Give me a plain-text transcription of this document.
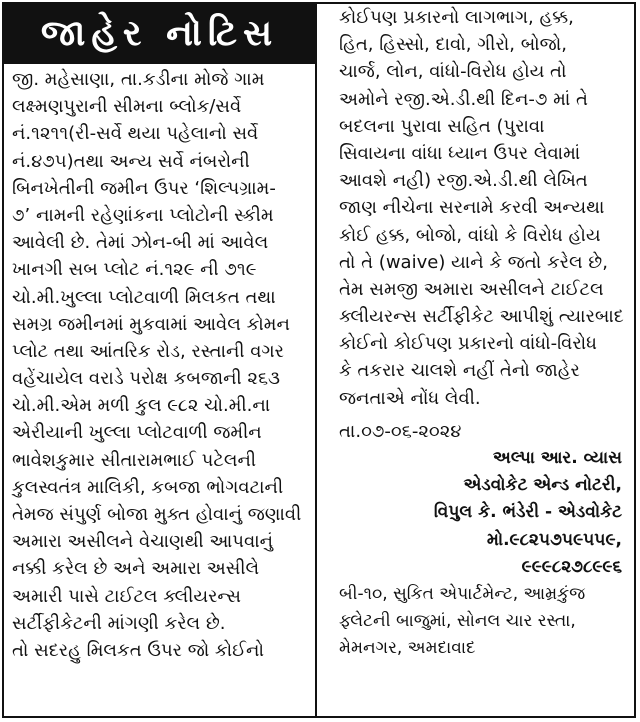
જાહેર નોટિસ
જી. મહેસાણા, તા.કડીના મોજે ગામ
લક્ષ્મણપુરાની સીમના બ્લોક/સર્વે
નં.૧૨૧૧(રી-સર્વે થયા પહેલાનો સર્વે
નં.૪૭૫)તથા અન્ય સર્વે નંબરોની
બિનખેતીની જમીન ઉપર ‘શિલ્પગ્રામ-
૭’ નામની રહેણાંકના પ્લોટોની સ્કીમ
આવેલી છે. તેમાં ઝોન-બી માં આવેલ
ખાનગી સબ પ્લોટ નં.૧૨૯ ની ૭૧૯
ચો.મી.ખુલ્લા પ્લોટવાળી મિલકત તથા
સમગ્ર જમીનમાં મુકવામાં આવેલ કોમન
પ્લોટ તથા આંતરિક રોડ, રસ્તાની વગર
વહેંચાયેલ વરાડે પરોક્ષ કબજાની ૨૬૩
ચો.મી.એમ મળી કુલ ૯૮૨ ચો.મી.ના
એરીયાની ખુલ્લા પ્લોટવાળી જમીન
ભાવેશકુમાર સીતારામભાઈ પટેલની
કુલસ્વતંત્ર માલિકી, કબજા ભોગવટાની
તેમજ સંપુર્ણ બોજા મુક્ત હોવાનું જણાવી
અમારા અસીલને વેચાણથી આપવાનું
નક્કી કરેલ છે અને અમારા અસીલે
અમારી પાસે ટાઈટલ ક્લીયરન્સ
સર્ટીફીકેટની માંગણી કરેલ છે.
તો સદરહુ મિલકત ઉપર જો કોઈનો
કોઈપણ પ્રકારનો લાગભાગ, હક્ક,
હિત, હિસ્સો, દાવો, ગીરો, બોજો,
ચાર્જ, લોન, વાંધો-વિરોધ હોય તો
અમોને રજી.એ.ડી.થી દિન-૭ માં તે
બદલના પુરાવા સહિત (પુરાવા
સિવાયના વાંધા ધ્યાન ઉપર લેવામાં
આવશે નહી) રજી.એ.ડી.થી લેખિત
જાણ નીચેના સરનામે કરવી અન્યથા
કોઈ હક્ક, બોજો, વાંધો કે વિરોધ હોય
તો તે (waive) યાને કે જતો કરેલ છે,
તેમ સમજી અમારા અસીલને ટાઈટલ
ક્લીયરન્સ સર્ટીફીકેટ આપીશું ત્યારબાદ
કોઈનો કોઈપણ પ્રકારનો વાંધો-વિરોધ
કે તકરાર ચાલશે નહીં તેનો જાહેર
જનતાએ નોંધ લેવી.
તા.૦૭-૦૬-૨૦૨૪
અલ્પા આર. વ્યાસ
એડવોકેટ એન્ડ નોટરી,
વિપુલ કે. ભંડેરી - એડવોકેટ
મો.૯૮૨૫૭૫૯૫૫૯,
૯૯૯૮૨૭૮૯૯૬
બી-૧૦, સુકિત એપાર્ટમેન્ટ, આમ્રકુંજ
ફ્લેટની બાજુમાં, સોનલ ચાર રસ્તા,
મેમનગર, અમદાવાદ
